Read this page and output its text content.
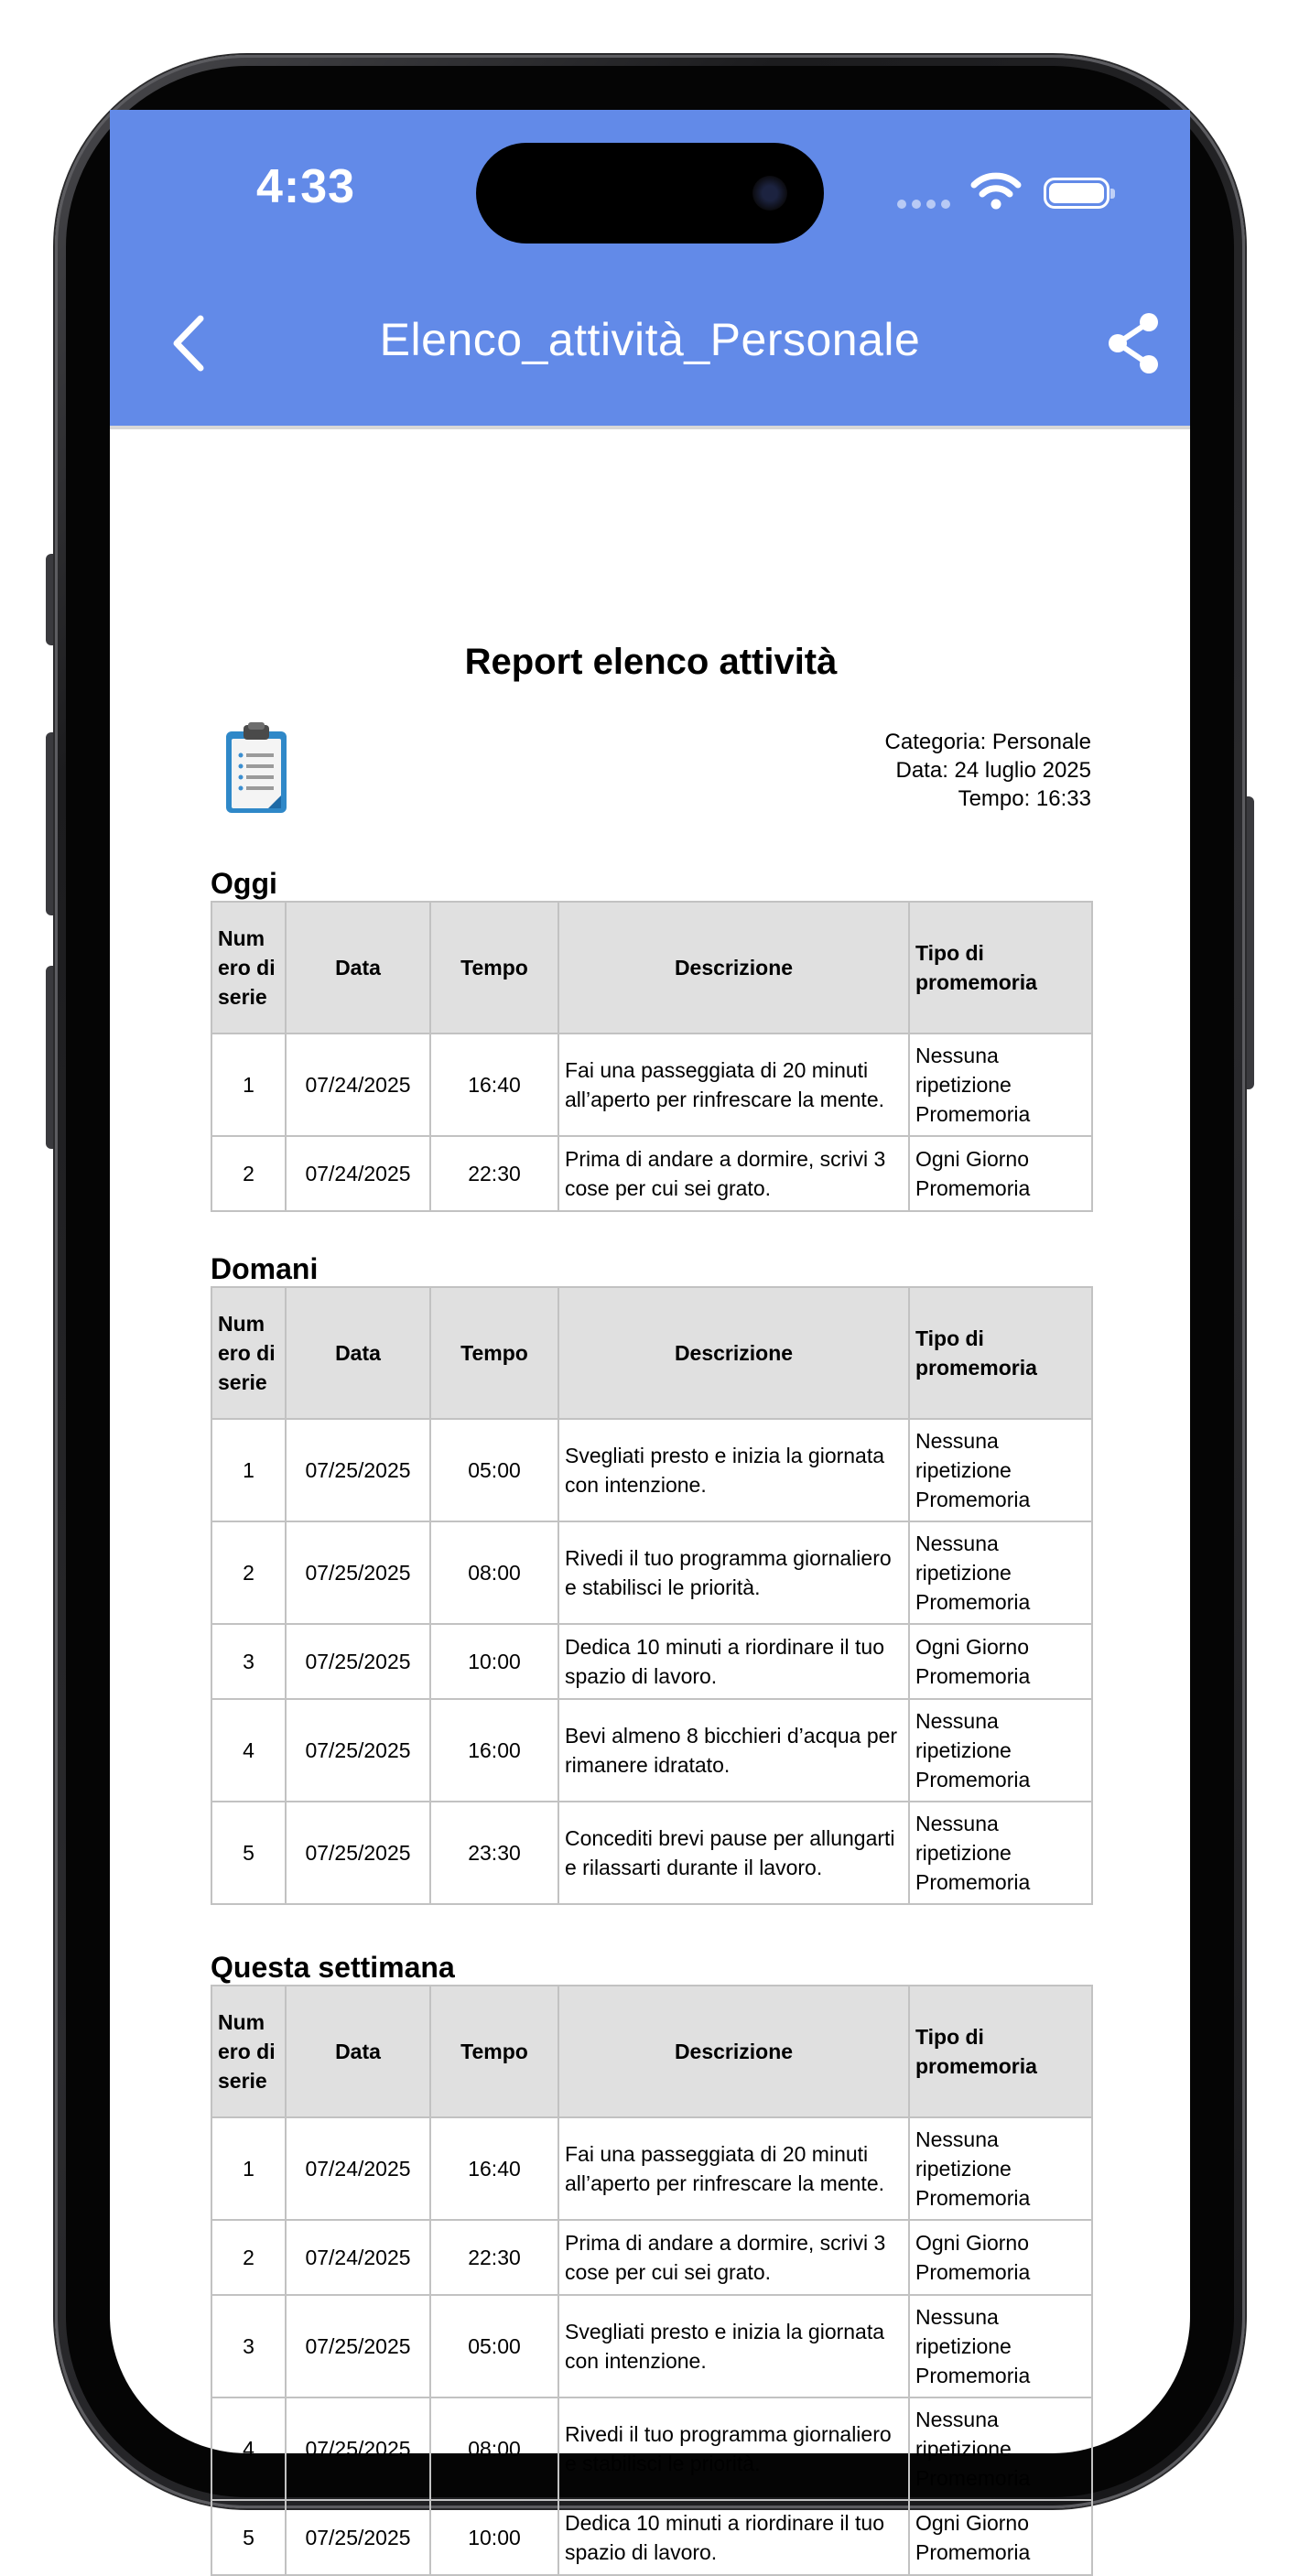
4:33
Elenco_attività_Personale
Report elenco attività
Categoria: Personale
Data: 24 luglio 2025
Tempo: 16:33
Oggi
Num ero di serie	Data	Tempo	Descrizione	Tipo di promemoria
1	07/24/2025	16:40	Fai una passeggiata di 20 minuti all’aperto per rinfrescare la mente.	Nessuna ripetizione Promemoria
2	07/24/2025	22:30	Prima di andare a dormire, scrivi 3 cose per cui sei grato.	Ogni Giorno Promemoria
Domani
Num ero di serie	Data	Tempo	Descrizione	Tipo di promemoria
1	07/25/2025	05:00	Svegliati presto e inizia la giornata con intenzione.	Nessuna ripetizione Promemoria
2	07/25/2025	08:00	Rivedi il tuo programma giornaliero e stabilisci le priorità.	Nessuna ripetizione Promemoria
3	07/25/2025	10:00	Dedica 10 minuti a riordinare il tuo spazio di lavoro.	Ogni Giorno Promemoria
4	07/25/2025	16:00	Bevi almeno 8 bicchieri d’acqua per rimanere idratato.	Nessuna ripetizione Promemoria
5	07/25/2025	23:30	Concediti brevi pause per allungarti e rilassarti durante il lavoro.	Nessuna ripetizione Promemoria
Questa settimana
Num ero di serie	Data	Tempo	Descrizione	Tipo di promemoria
1	07/24/2025	16:40	Fai una passeggiata di 20 minuti all’aperto per rinfrescare la mente.	Nessuna ripetizione Promemoria
2	07/24/2025	22:30	Prima di andare a dormire, scrivi 3 cose per cui sei grato.	Ogni Giorno Promemoria
3	07/25/2025	05:00	Svegliati presto e inizia la giornata con intenzione.	Nessuna ripetizione Promemoria
4	07/25/2025	08:00	Rivedi il tuo programma giornaliero e stabilisci le priorità.	Nessuna ripetizione Promemoria
5	07/25/2025	10:00	Dedica 10 minuti a riordinare il tuo spazio di lavoro.	Ogni Giorno Promemoria
